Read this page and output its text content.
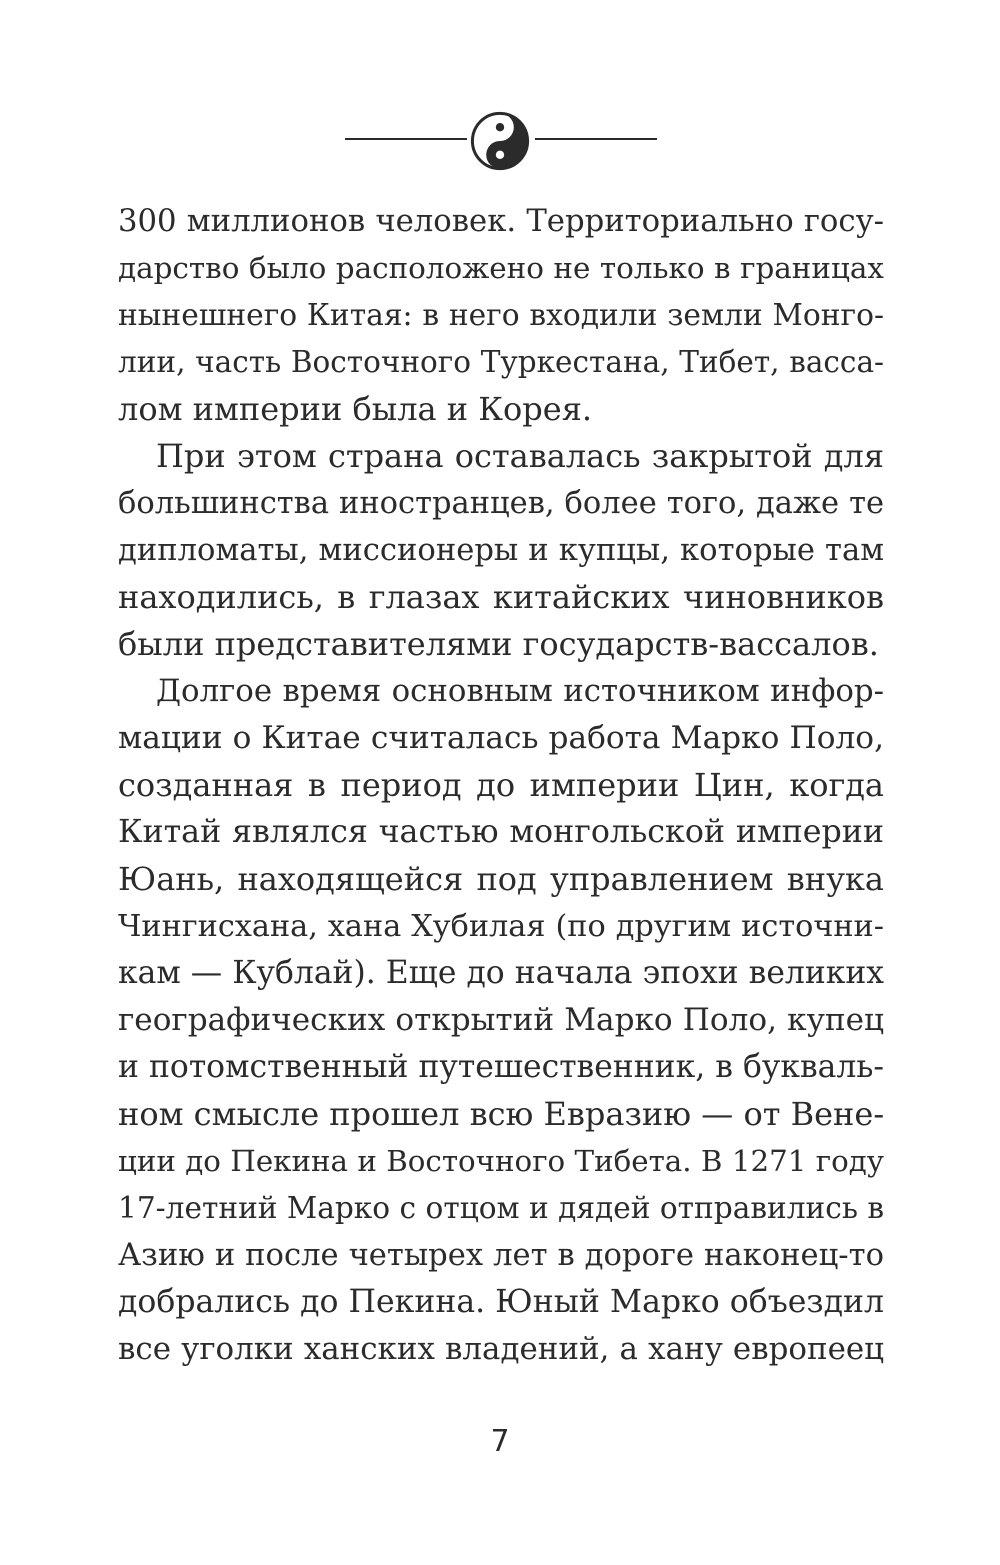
300 миллионов человек. Территориально госу-
дарство было расположено не только в границах
нынешнего Китая: в него входили земли Монго-
лии, часть Восточного Туркестана, Тибет, васса-
лом империи была и Корея.
При этом страна оставалась закрытой для
большинства иностранцев, более того, даже те
дипломаты, миссионеры и купцы, которые там
находились, в глазах китайских чиновников
были представителями государств-вассалов.
Долгое время основным источником инфор-
мации о Китае считалась работа Марко Поло,
созданная в период до империи Цин, когда
Китай являлся частью монгольской империи
Юань, находящейся под управлением внука
Чингисхана, хана Хубилая (по другим источни-
кам — Кублай). Еще до начала эпохи великих
географических открытий Марко Поло, купец
и потомственный путешественник, в букваль-
ном смысле прошел всю Евразию — от Вене-
ции до Пекина и Восточного Тибета. В 1271 году
17-летний Марко с отцом и дядей отправились в
Азию и после четырех лет в дороге наконец-то
добрались до Пекина. Юный Марко объездил
все уголки ханских владений, а хану европеец
7
